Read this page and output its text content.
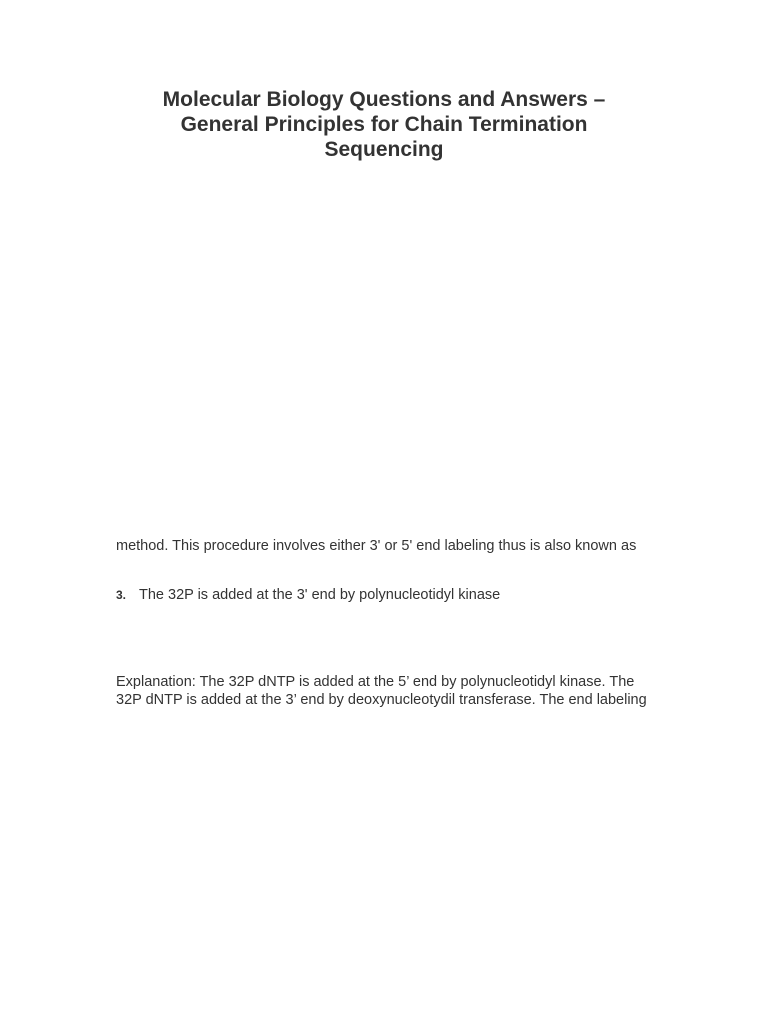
Molecular Biology Questions and Answers –
General Principles for Chain Termination
Sequencing
method. This procedure involves either 3' or 5' end labeling thus is also known as
3. The 32P is added at the 3' end by polynucleotidyl kinase
Explanation: The 32P dNTP is added at the 5’ end by polynucleotidyl kinase. The
32P dNTP is added at the 3’ end by deoxynucleotydil transferase. The end labeling
